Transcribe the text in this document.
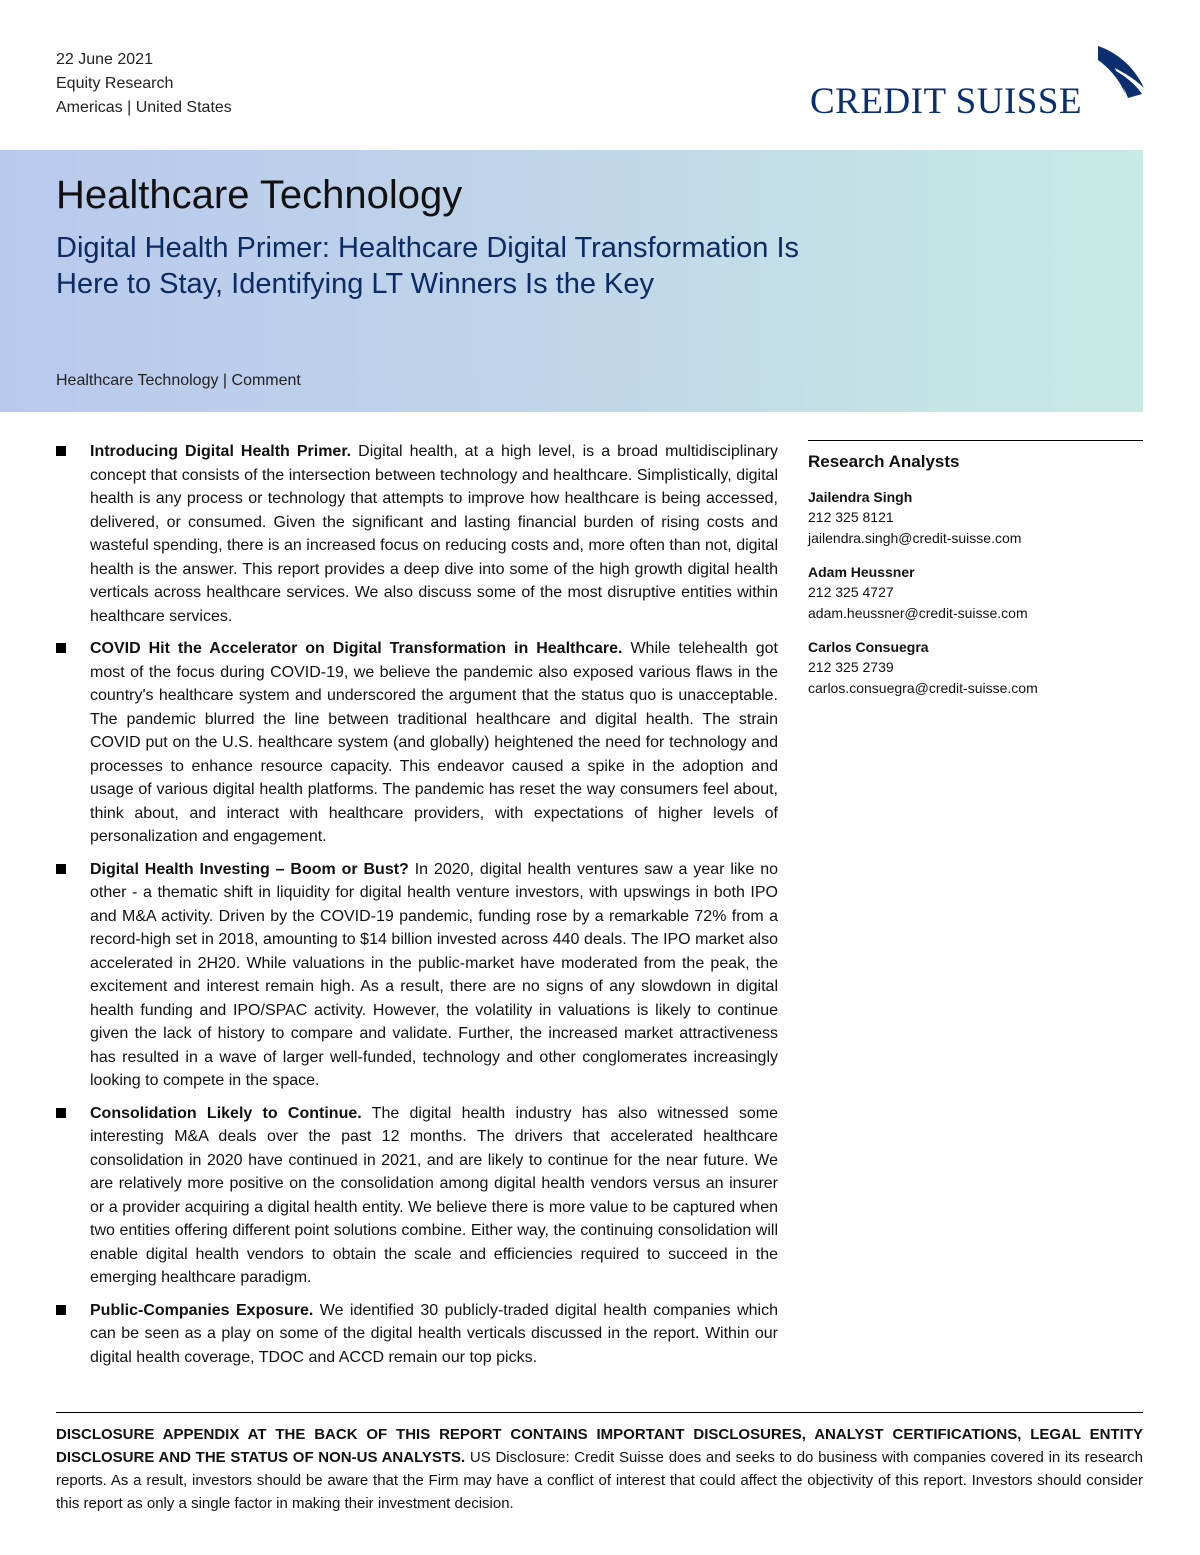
22 June 2021
Equity Research
Americas | United States	CREDIT SUISSE
Healthcare Technology
Digital Health Primer: Healthcare Digital Transformation Is Here to Stay, Identifying LT Winners Is the Key
Healthcare Technology | Comment
Introducing Digital Health Primer. Digital health, at a high level, is a broad multidisciplinary concept that consists of the intersection between technology and healthcare. Simplistically, digital health is any process or technology that attempts to improve how healthcare is being accessed, delivered, or consumed. Given the significant and lasting financial burden of rising costs and wasteful spending, there is an increased focus on reducing costs and, more often than not, digital health is the answer. This report provides a deep dive into some of the high growth digital health verticals across healthcare services. We also discuss some of the most disruptive entities within healthcare services.
COVID Hit the Accelerator on Digital Transformation in Healthcare. While telehealth got most of the focus during COVID-19, we believe the pandemic also exposed various flaws in the country's healthcare system and underscored the argument that the status quo is unacceptable. The pandemic blurred the line between traditional healthcare and digital health. The strain COVID put on the U.S. healthcare system (and globally) heightened the need for technology and processes to enhance resource capacity. This endeavor caused a spike in the adoption and usage of various digital health platforms. The pandemic has reset the way consumers feel about, think about, and interact with healthcare providers, with expectations of higher levels of personalization and engagement.
Digital Health Investing – Boom or Bust? In 2020, digital health ventures saw a year like no other - a thematic shift in liquidity for digital health venture investors, with upswings in both IPO and M&A activity. Driven by the COVID-19 pandemic, funding rose by a remarkable 72% from a record-high set in 2018, amounting to $14 billion invested across 440 deals. The IPO market also accelerated in 2H20. While valuations in the public-market have moderated from the peak, the excitement and interest remain high. As a result, there are no signs of any slowdown in digital health funding and IPO/SPAC activity. However, the volatility in valuations is likely to continue given the lack of history to compare and validate. Further, the increased market attractiveness has resulted in a wave of larger well-funded, technology and other conglomerates increasingly looking to compete in the space.
Consolidation Likely to Continue. The digital health industry has also witnessed some interesting M&A deals over the past 12 months. The drivers that accelerated healthcare consolidation in 2020 have continued in 2021, and are likely to continue for the near future. We are relatively more positive on the consolidation among digital health vendors versus an insurer or a provider acquiring a digital health entity. We believe there is more value to be captured when two entities offering different point solutions combine. Either way, the continuing consolidation will enable digital health vendors to obtain the scale and efficiencies required to succeed in the emerging healthcare paradigm.
Public-Companies Exposure. We identified 30 publicly-traded digital health companies which can be seen as a play on some of the digital health verticals discussed in the report. Within our digital health coverage, TDOC and ACCD remain our top picks.
Research Analysts
Jailendra Singh
212 325 8121
jailendra.singh@credit-suisse.com
Adam Heussner
212 325 4727
adam.heussner@credit-suisse.com
Carlos Consuegra
212 325 2739
carlos.consuegra@credit-suisse.com
DISCLOSURE APPENDIX AT THE BACK OF THIS REPORT CONTAINS IMPORTANT DISCLOSURES, ANALYST CERTIFICATIONS, LEGAL ENTITY DISCLOSURE AND THE STATUS OF NON-US ANALYSTS. US Disclosure: Credit Suisse does and seeks to do business with companies covered in its research reports. As a result, investors should be aware that the Firm may have a conflict of interest that could affect the objectivity of this report. Investors should consider this report as only a single factor in making their investment decision.
